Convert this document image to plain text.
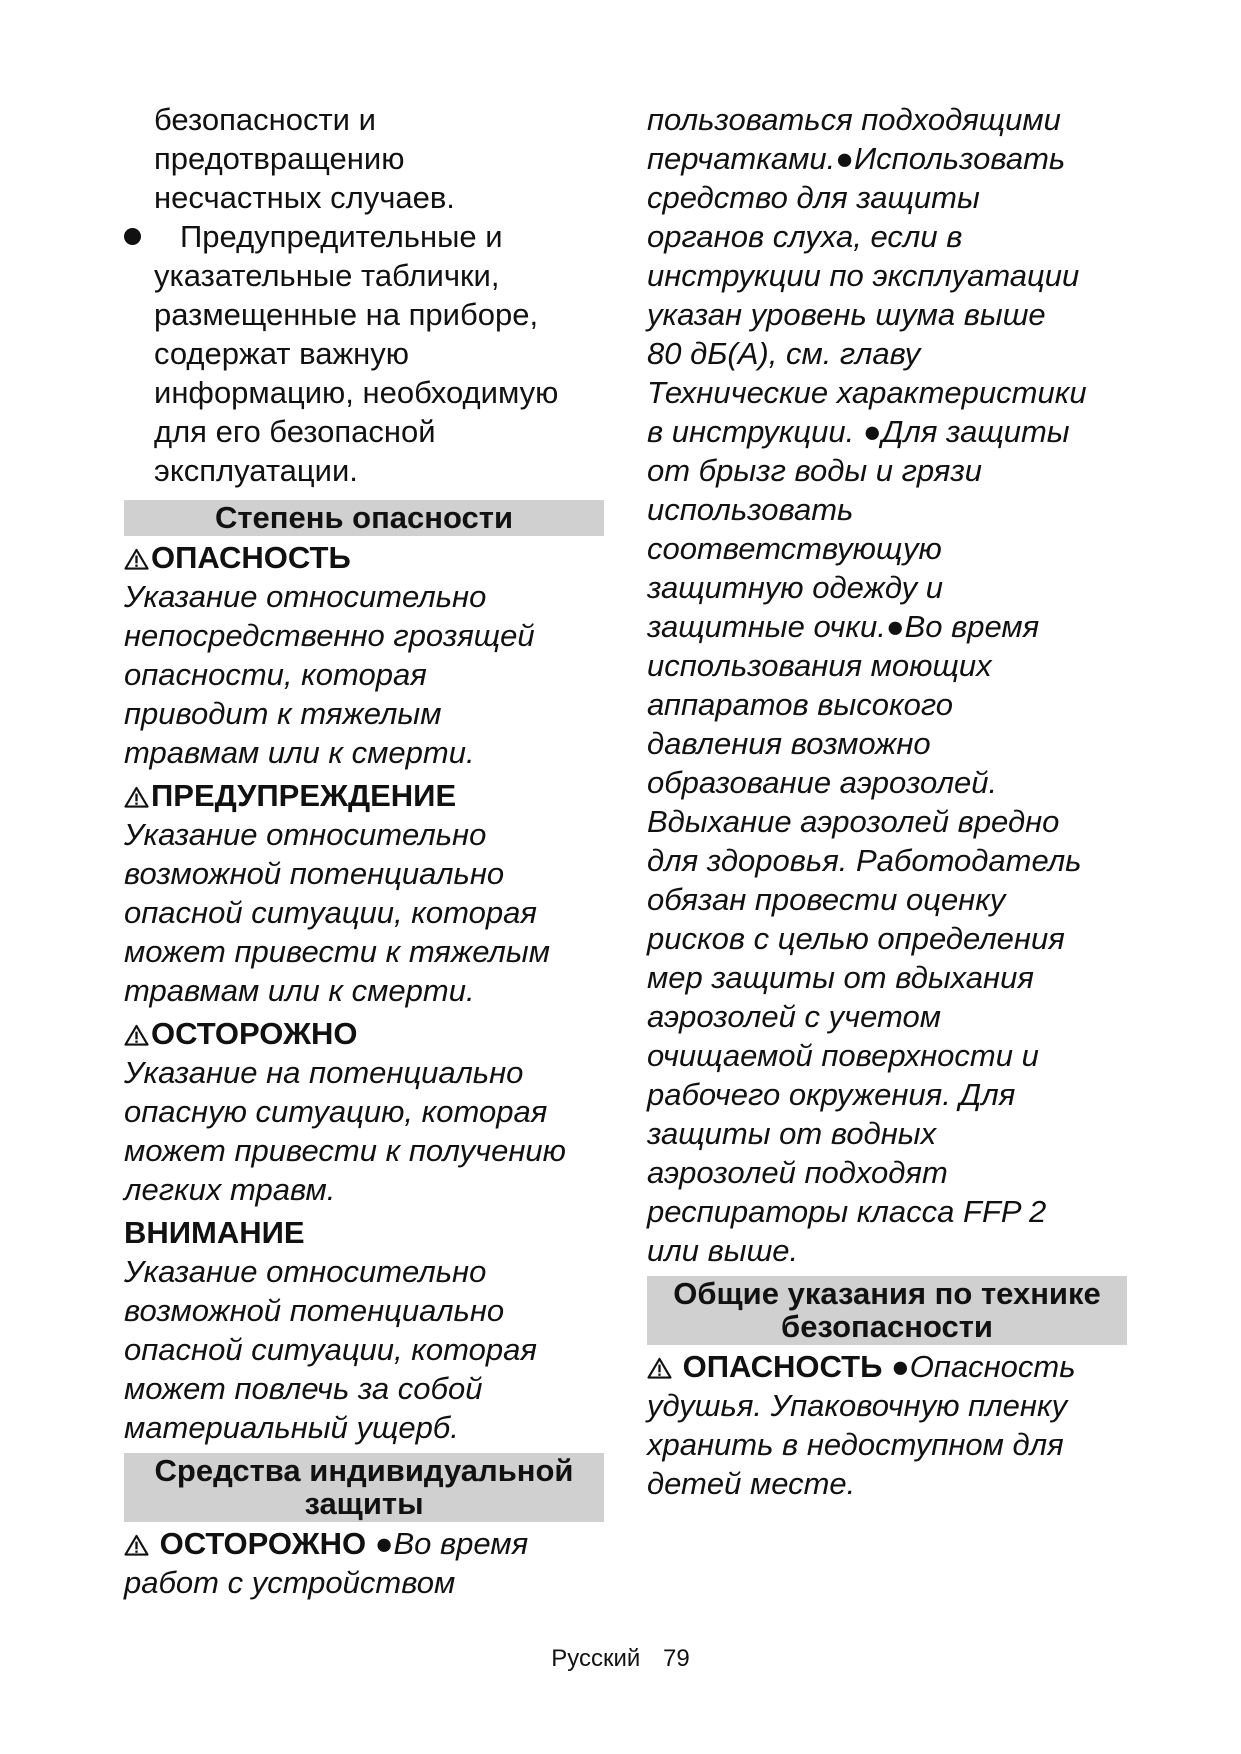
безопасности и
предотвращению
несчастных случаев.
Предупредительные и
указательные таблички,
размещенные на приборе,
содержат важную
информацию, необходимую
для его безопасной
эксплуатации.
Степень опасности
ОПАСНОСТЬ
Указание относительно
непосредственно грозящей
опасности, которая
приводит к тяжелым
травмам или к смерти.
ПРЕДУПРЕЖДЕНИЕ
Указание относительно
возможной потенциально
опасной ситуации, которая
может привести к тяжелым
травмам или к смерти.
ОСТОРОЖНО
Указание на потенциально
опасную ситуацию, которая
может привести к получению
легких травм.
ВНИМАНИЕ
Указание относительно
возможной потенциально
опасной ситуации, которая
может повлечь за собой
материальный ущерб.
Средства индивидуальной
защиты
ОСТОРОЖНО ●Во время
работ с устройством
пользоваться подходящими
перчатками.●Использовать
средство для защиты
органов слуха, если в
инструкции по эксплуатации
указан уровень шума выше
80 дБ(А), см. главу
Технические характеристики
в инструкции. ●Для защиты
от брызг воды и грязи
использовать
соответствующую
защитную одежду и
защитные очки.●Во время
использования моющих
аппаратов высокого
давления возможно
образование аэрозолей.
Вдыхание аэрозолей вредно
для здоровья. Работодатель
обязан провести оценку
рисков с целью определения
мер защиты от вдыхания
аэрозолей с учетом
очищаемой поверхности и
рабочего окружения. Для
защиты от водных
аэрозолей подходят
респираторы класса FFP 2
или выше.
Общие указания по технике
безопасности
ОПАСНОСТЬ ●Опасность
удушья. Упаковочную пленку
хранить в недоступном для
детей месте.
Русский 79
